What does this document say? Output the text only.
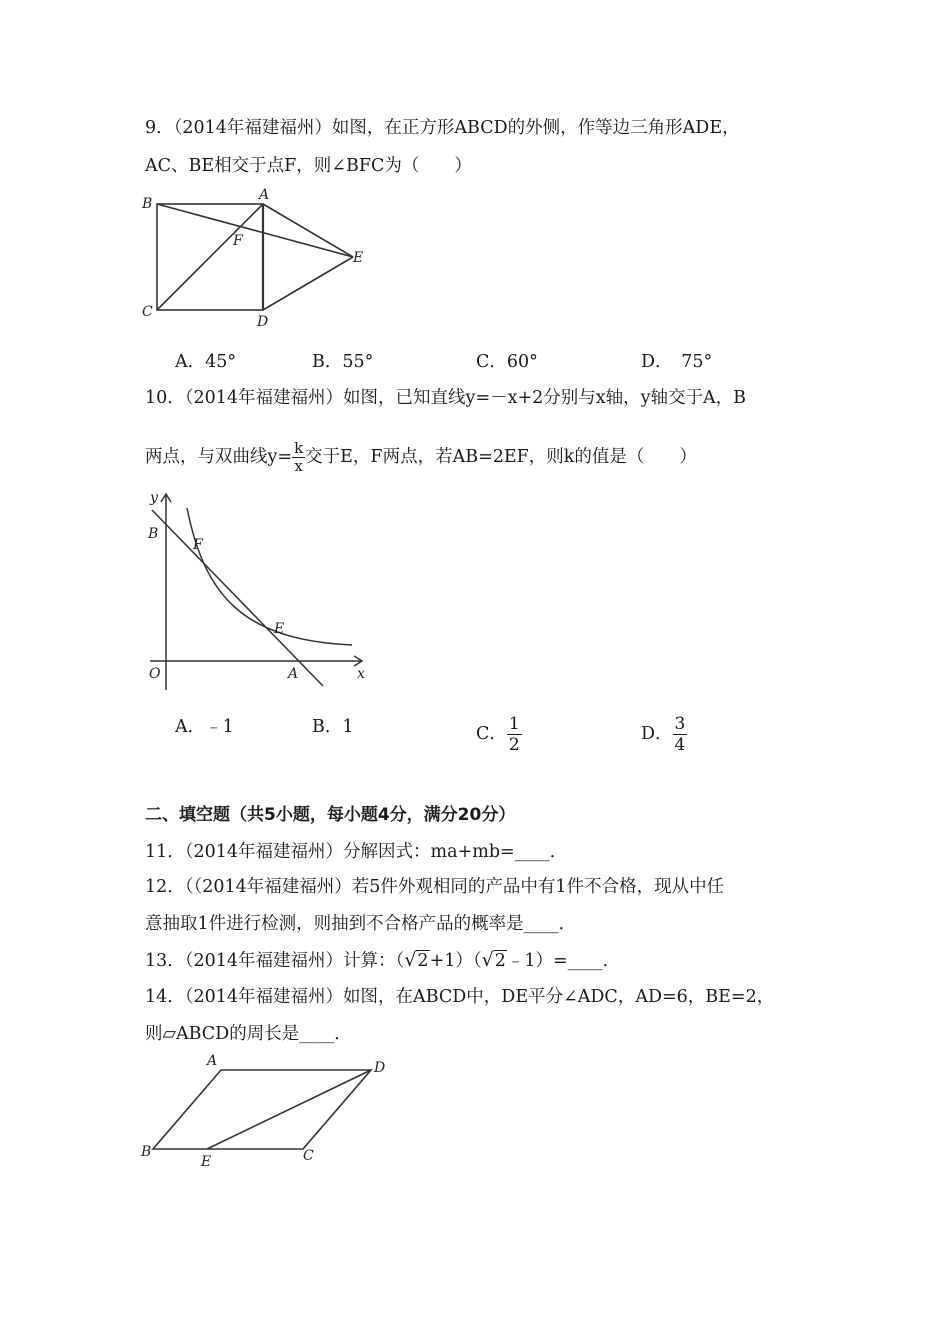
9．（2014年福建福州）如图，在正方形ABCD的外侧，作等边三角形ADE，
AC、BE相交于点F，则∠BFC为（　　）
B
A
F
E
C
D
A．45°	B．55°	C．60°	D．　75°
10．（2014年福建福州）如图，已知直线y=－x+2分别与x轴，y轴交于A，B
两点，与双曲线$y= \frac{k}{x}$ 交于E，F两点，若AB=2EF，则k的值是（　　）
y
B
F
E
O	A	x
A．﹣1	B．1	C． $\frac{1}{2}$	D． $\frac{3}{4}$
二、填空题（共5小题，每小题4分，满分20分）
11．（2014年福建福州）分解因式：ma+mb=____．
12．（（2014年福建福州）若5件外观相同的产品中有1件不合格，现从中任
意抽取1件进行检测，则抽到不合格产品的概率是____．
13．（2014年福建福州）计算：（√2+1）（√2﹣1）=____．
14．（2014年福建福州）如图，在ABCD中，DE平分∠ADC，AD=6，BE=2，
则▱ABCD的周长是____．
A	D
B
E	C
